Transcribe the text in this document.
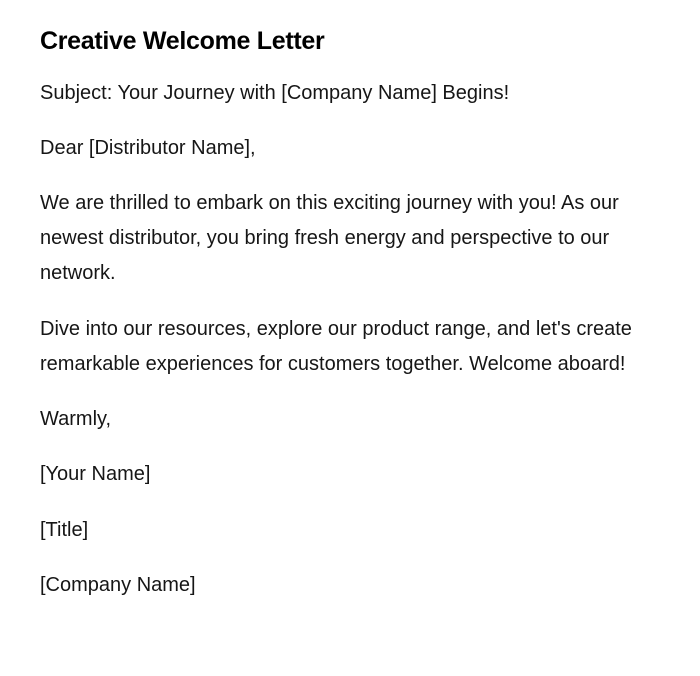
Creative Welcome Letter

Subject: Your Journey with [Company Name] Begins!

Dear [Distributor Name],

We are thrilled to embark on this exciting journey with you! As our newest distributor, you bring fresh energy and perspective to our network.

Dive into our resources, explore our product range, and let's create remarkable experiences for customers together. Welcome aboard!

Warmly,

[Your Name]

[Title]

[Company Name]
